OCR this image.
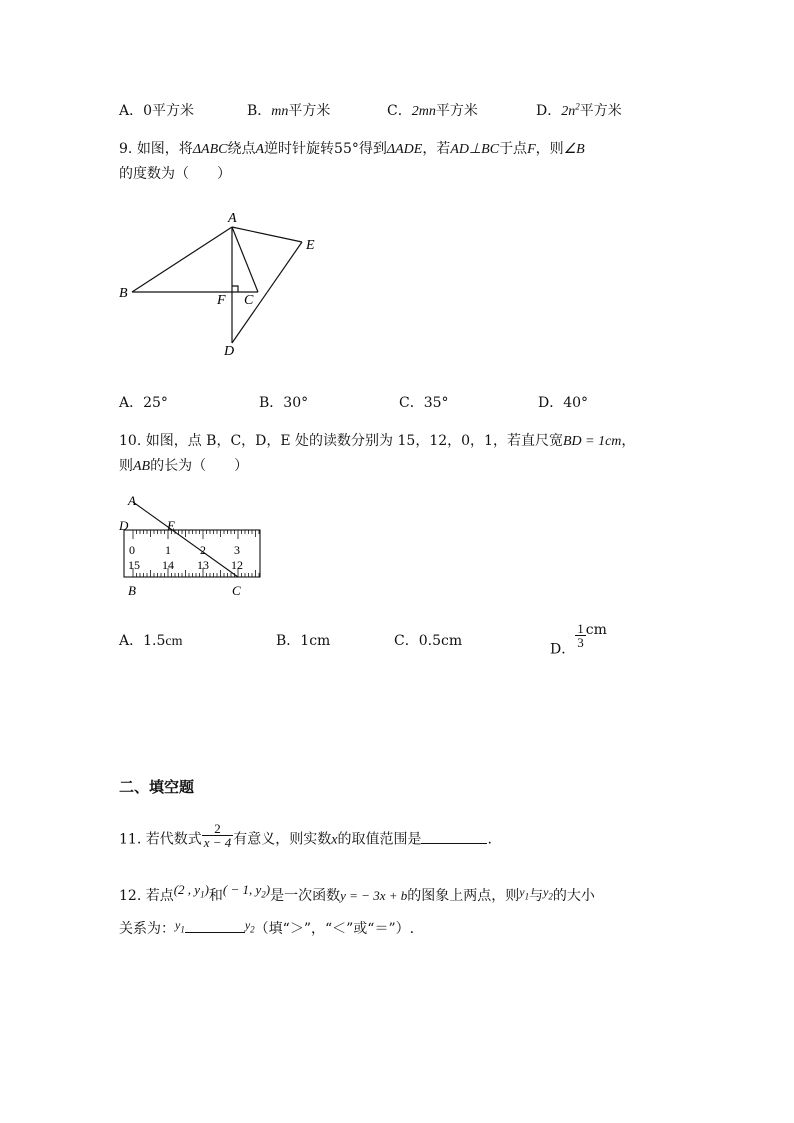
A．0平方米	B．mn平方米	C．2mn平方米	D．$2n^2$平方米
9. 如图，将ΔABC绕点A逆时针旋转55°得到ΔADE，若AD⊥BC于点F，则∠B
的度数为（　　）
A
B	C
D
E
F
A．25°	B．30°	C．35°	D．40°
10. 如图，点 B，C，D，E 处的读数分别为 15，12，0，1，若直尺宽BD = 1cm，
则AB的长为（　　）
A
D	E
B	C
0	1 2 3
15 14 13 12
A．1.5cm	B．1cm	C．0.5cm
D．
$\frac{1}{3}$ cm
二、填空题
11. 若代数式 $\frac{2}{x - 4}$ 有意义，则实数x的取值范围是	.
12. 若点(2 , $y_1$)和( − 1, $y_2$)是一次函数y = − 3x + b的图象上两点，则$y_1$与$y_2$的大小
关系为：$y_1$	$y_2$（填“＞”，“＜”或“＝”）.
